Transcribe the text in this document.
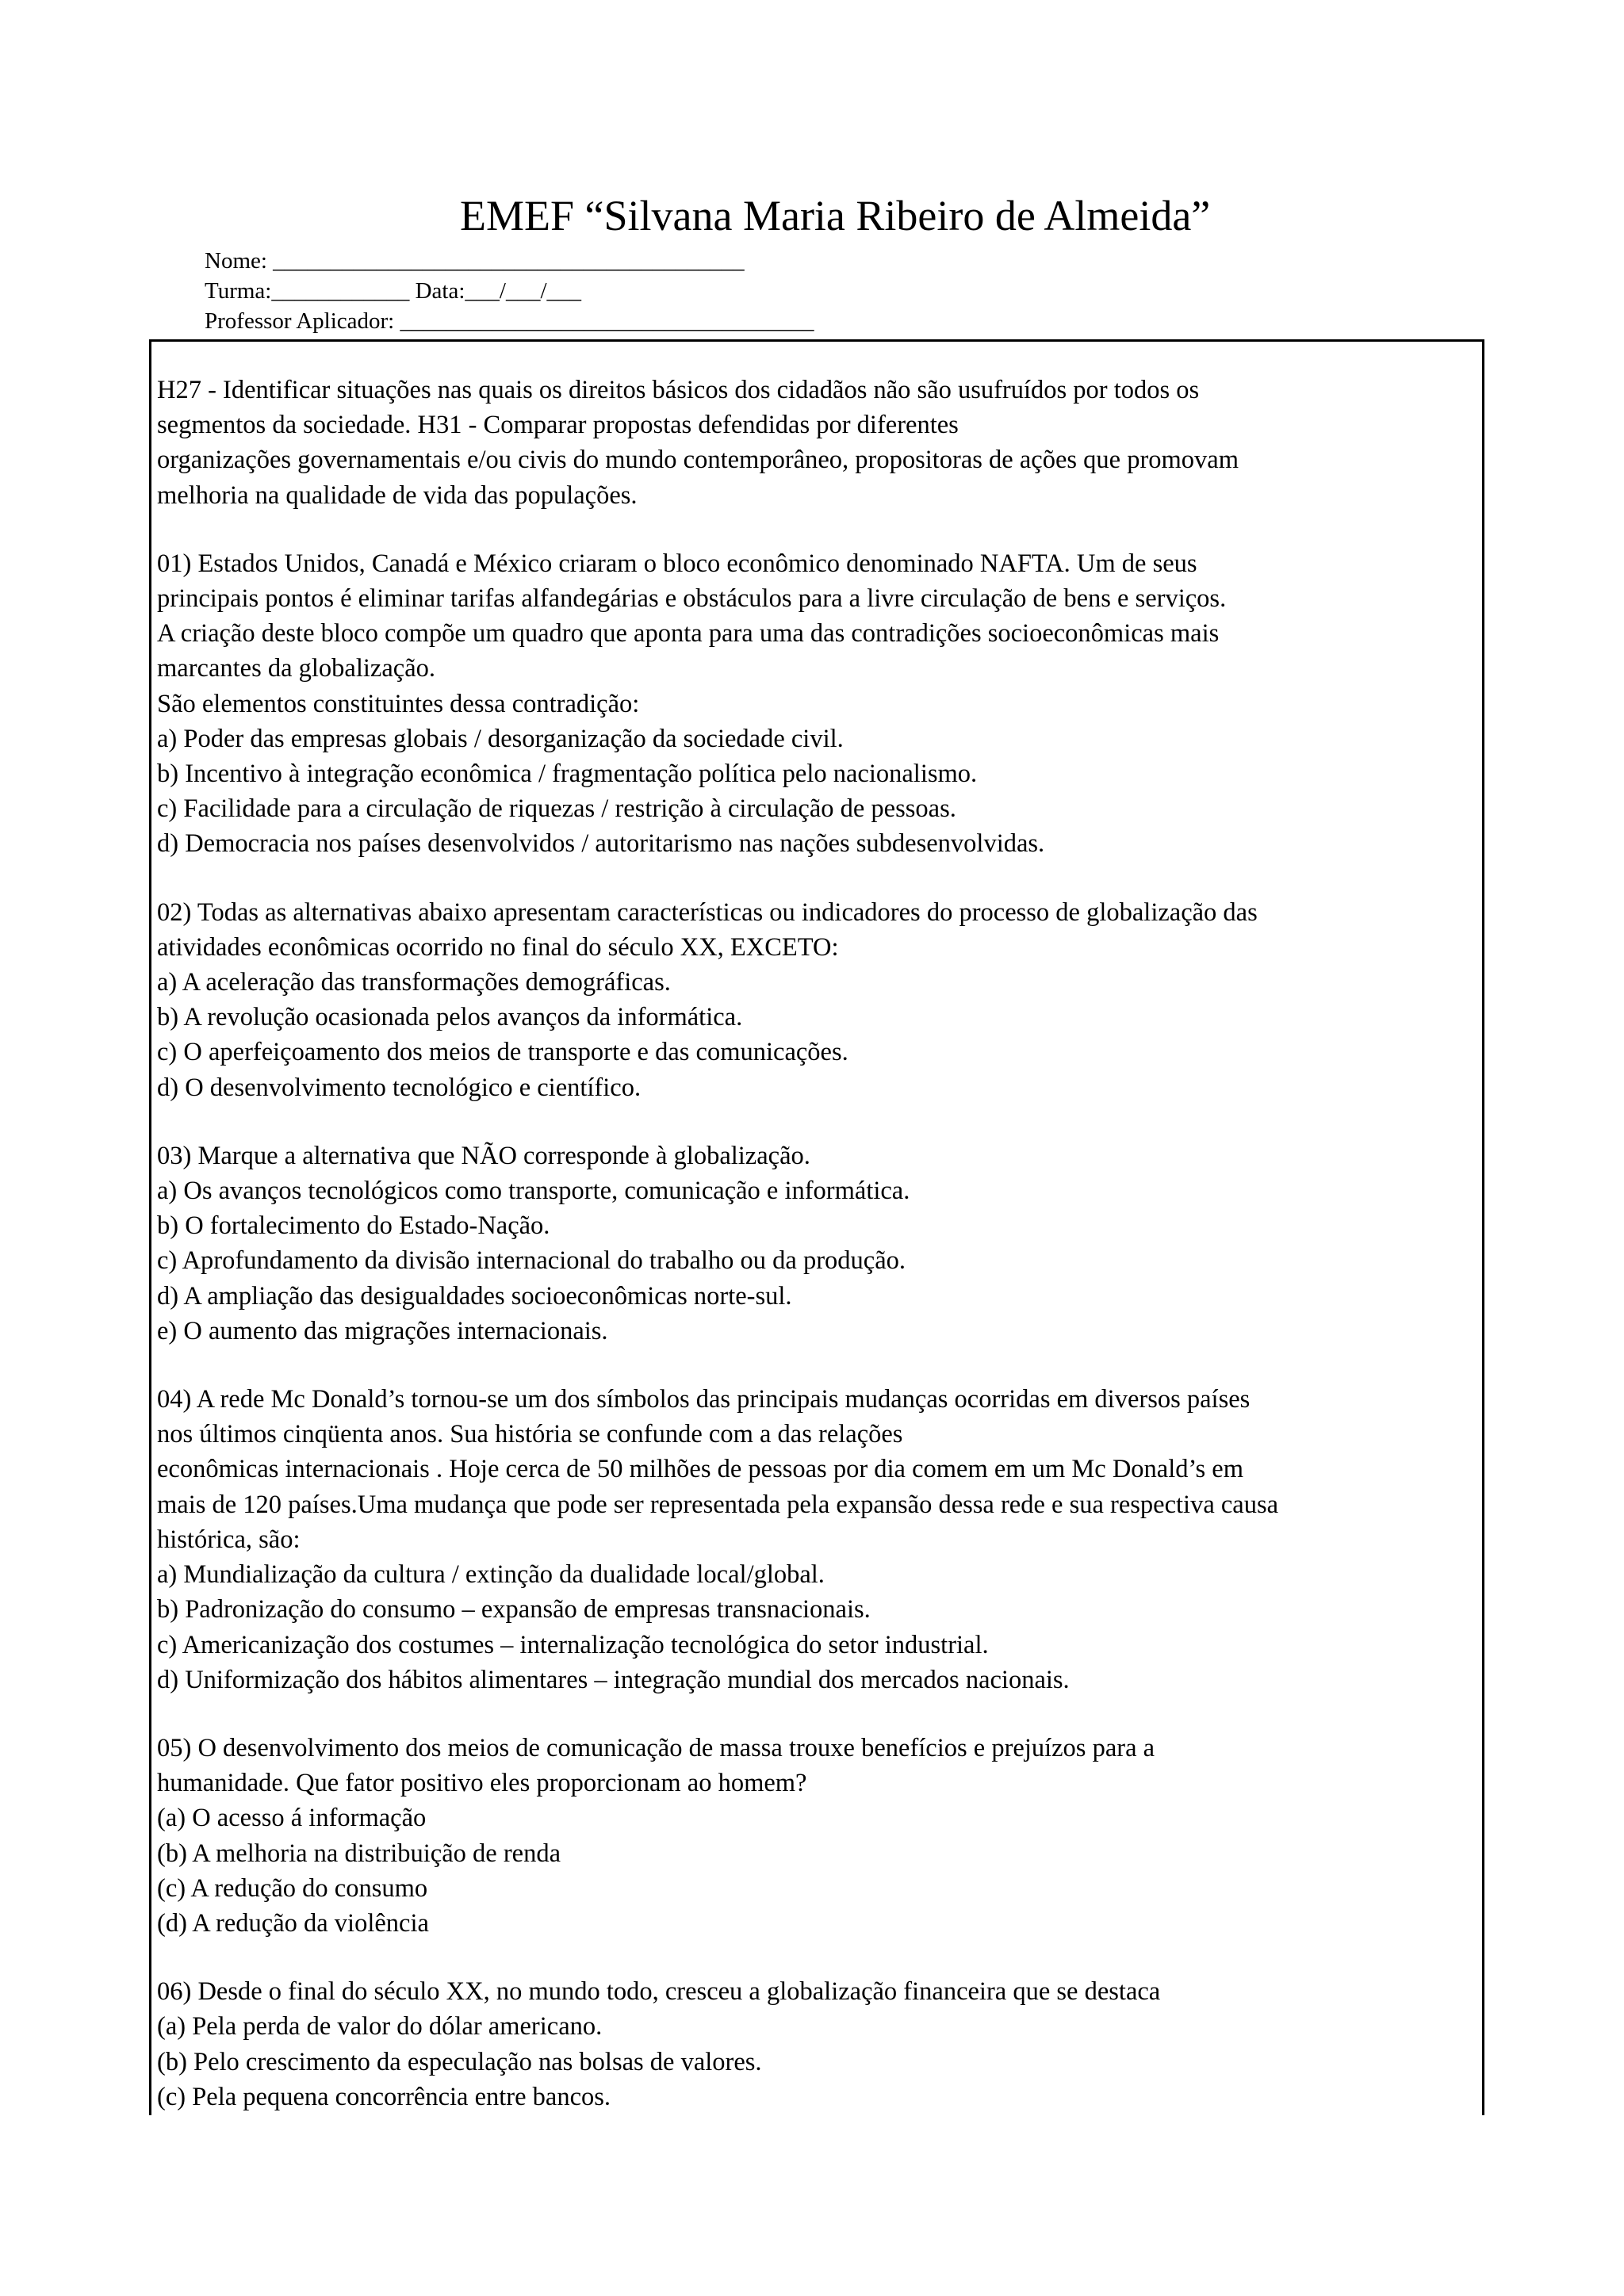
EMEF “Silvana Maria Ribeiro de Almeida”
Nome: _________________________________________
Turma:____________ Data:___/___/___
Professor Aplicador: ____________________________________
H27 - Identificar situações nas quais os direitos básicos dos cidadãos não são usufruídos por todos os
segmentos da sociedade. H31 - Comparar propostas defendidas por diferentes
organizações governamentais e/ou civis do mundo contemporâneo, propositoras de ações que promovam
melhoria na qualidade de vida das populações.
01) Estados Unidos, Canadá e México criaram o bloco econômico denominado NAFTA. Um de seus
principais pontos é eliminar tarifas alfandegárias e obstáculos para a livre circulação de bens e serviços.
A criação deste bloco compõe um quadro que aponta para uma das contradições socioeconômicas mais
marcantes da globalização.
São elementos constituintes dessa contradição:
a) Poder das empresas globais / desorganização da sociedade civil.
b) Incentivo à integração econômica / fragmentação política pelo nacionalismo.
c) Facilidade para a circulação de riquezas / restrição à circulação de pessoas.
d) Democracia nos países desenvolvidos / autoritarismo nas nações subdesenvolvidas.
02) Todas as alternativas abaixo apresentam características ou indicadores do processo de globalização das
atividades econômicas ocorrido no final do século XX, EXCETO:
a) A aceleração das transformações demográficas.
b) A revolução ocasionada pelos avanços da informática.
c) O aperfeiçoamento dos meios de transporte e das comunicações.
d) O desenvolvimento tecnológico e científico.
03) Marque a alternativa que NÃO corresponde à globalização.
a) Os avanços tecnológicos como transporte, comunicação e informática.
b) O fortalecimento do Estado-Nação.
c) Aprofundamento da divisão internacional do trabalho ou da produção.
d) A ampliação das desigualdades socioeconômicas norte-sul.
e) O aumento das migrações internacionais.
04) A rede Mc Donald’s tornou-se um dos símbolos das principais mudanças ocorridas em diversos países
nos últimos cinqüenta anos. Sua história se confunde com a das relações
econômicas internacionais . Hoje cerca de 50 milhões de pessoas por dia comem em um Mc Donald’s em
mais de 120 países.Uma mudança que pode ser representada pela expansão dessa rede e sua respectiva causa
histórica, são:
a) Mundialização da cultura / extinção da dualidade local/global.
b) Padronização do consumo – expansão de empresas transnacionais.
c) Americanização dos costumes – internalização tecnológica do setor industrial.
d) Uniformização dos hábitos alimentares – integração mundial dos mercados nacionais.
05) O desenvolvimento dos meios de comunicação de massa trouxe benefícios e prejuízos para a
humanidade. Que fator positivo eles proporcionam ao homem?
(a) O acesso á informação
(b) A melhoria na distribuição de renda
(c) A redução do consumo
(d) A redução da violência
06) Desde o final do século XX, no mundo todo, cresceu a globalização financeira que se destaca
(a) Pela perda de valor do dólar americano.
(b) Pelo crescimento da especulação nas bolsas de valores.
(c) Pela pequena concorrência entre bancos.
